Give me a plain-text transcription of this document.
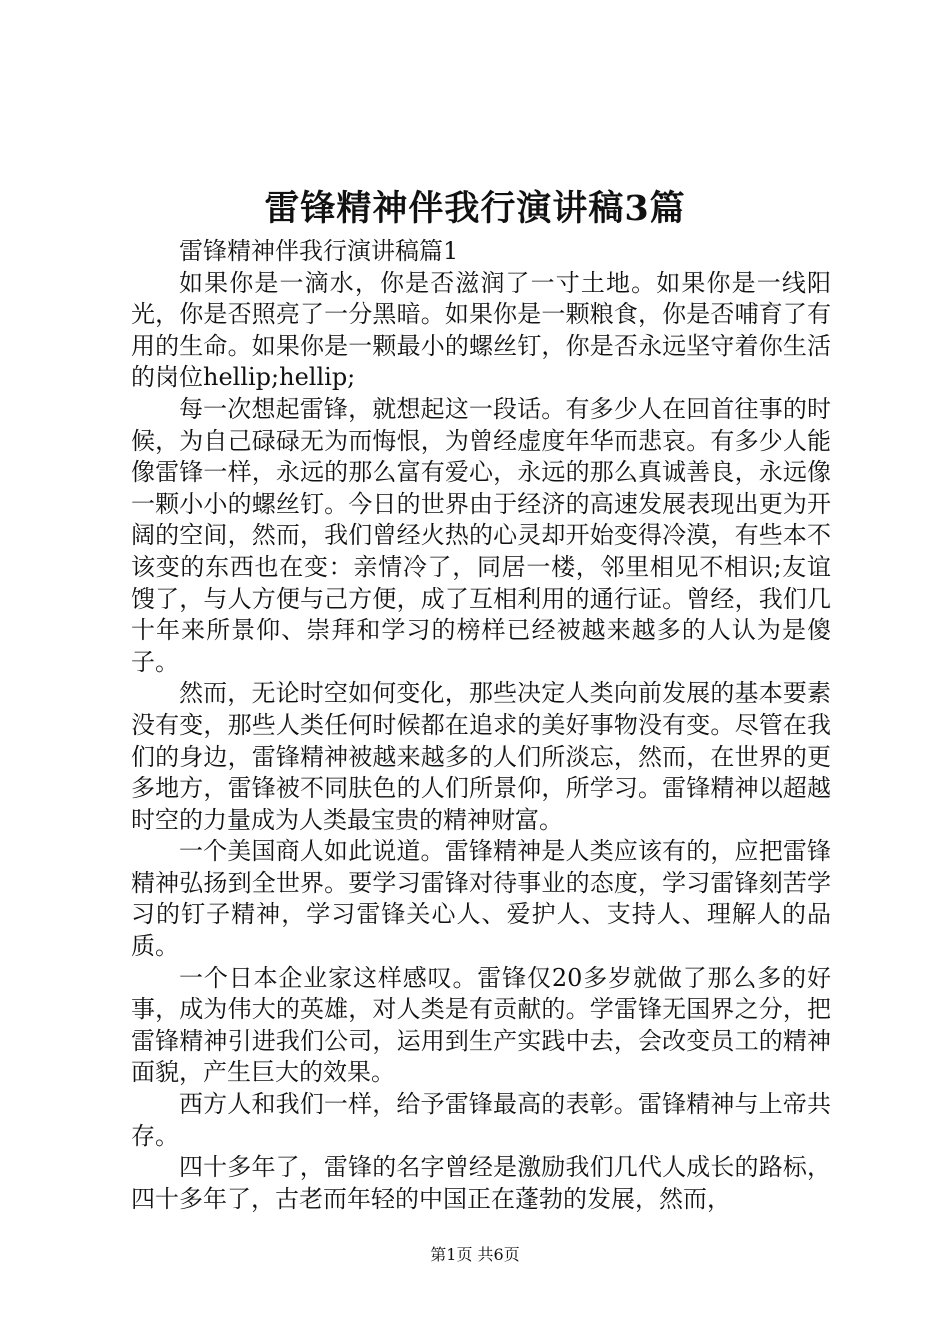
雷锋精神伴我行演讲稿3篇

雷锋精神伴我行演讲稿篇1

如果你是一滴水，你是否滋润了一寸土地。如果你是一线阳光，你是否照亮了一分黑暗。如果你是一颗粮食，你是否哺育了有用的生命。如果你是一颗最小的螺丝钉，你是否永远坚守着你生活的岗位hellip;hellip;

每一次想起雷锋，就想起这一段话。有多少人在回首往事的时候，为自己碌碌无为而悔恨，为曾经虚度年华而悲哀。有多少人能像雷锋一样，永远的那么富有爱心，永远的那么真诚善良，永远像一颗小小的螺丝钉。今日的世界由于经济的高速发展表现出更为开阔的空间，然而，我们曾经火热的心灵却开始变得冷漠，有些本不该变的东西也在变：亲情冷了，同居一楼，邻里相见不相识;友谊馊了，与人方便与己方便，成了互相利用的通行证。曾经，我们几十年来所景仰、崇拜和学习的榜样已经被越来越多的人认为是傻子。

然而，无论时空如何变化，那些决定人类向前发展的基本要素没有变，那些人类任何时候都在追求的美好事物没有变。尽管在我们的身边，雷锋精神被越来越多的人们所淡忘，然而，在世界的更多地方，雷锋被不同肤色的人们所景仰，所学习。雷锋精神以超越时空的力量成为人类最宝贵的精神财富。

一个美国商人如此说道。雷锋精神是人类应该有的，应把雷锋精神弘扬到全世界。要学习雷锋对待事业的态度，学习雷锋刻苦学习的钉子精神，学习雷锋关心人、爱护人、支持人、理解人的品质。

一个日本企业家这样感叹。雷锋仅20多岁就做了那么多的好事，成为伟大的英雄，对人类是有贡献的。学雷锋无国界之分，把雷锋精神引进我们公司，运用到生产实践中去，会改变员工的精神面貌，产生巨大的效果。

西方人和我们一样，给予雷锋最高的表彰。雷锋精神与上帝共存。

四十多年了，雷锋的名字曾经是激励我们几代人成长的路标，四十多年了，古老而年轻的中国正在蓬勃的发展，然而，

第1页 共6页
